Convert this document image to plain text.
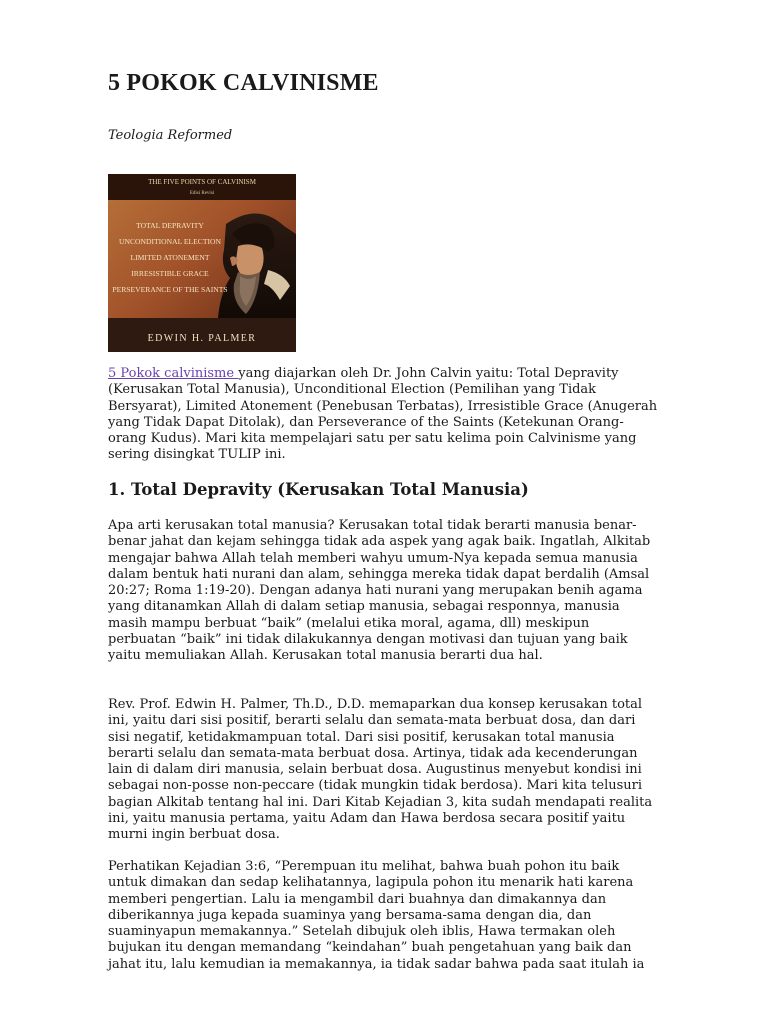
5 POKOK CALVINISME
Teologia Reformed
THE FIVE POINTS OF CALVINISM
Edisi Revisi
TOTAL DEPRAVITY
UNCONDITIONAL ELECTION
LIMITED ATONEMENT
IRRESISTIBLE GRACE
PERSEVERANCE OF THE SAINTS
EDWIN H. PALMER

5 Pokok calvinisme yang diajarkan oleh Dr. John Calvin yaitu: Total Depravity (Kerusakan Total Manusia), Unconditional Election (Pemilihan yang Tidak Bersyarat), Limited Atonement (Penebusan Terbatas), Irresistible Grace (Anugerah yang Tidak Dapat Ditolak), dan Perseverance of the Saints (Ketekunan Orang-orang Kudus). Mari kita mempelajari satu per satu kelima poin Calvinisme yang sering disingkat TULIP ini.

1. Total Depravity (Kerusakan Total Manusia)

Apa arti kerusakan total manusia? Kerusakan total tidak berarti manusia benar-benar jahat dan kejam sehingga tidak ada aspek yang agak baik. Ingatlah, Alkitab mengajar bahwa Allah telah memberi wahyu umum-Nya kepada semua manusia dalam bentuk hati nurani dan alam, sehingga mereka tidak dapat berdalih (Amsal 20:27; Roma 1:19-20). Dengan adanya hati nurani yang merupakan benih agama yang ditanamkan Allah di dalam setiap manusia, sebagai responnya, manusia masih mampu berbuat “baik” (melalui etika moral, agama, dll) meskipun perbuatan “baik” ini tidak dilakukannya dengan motivasi dan tujuan yang baik yaitu memuliakan Allah. Kerusakan total manusia berarti dua hal.

Rev. Prof. Edwin H. Palmer, Th.D., D.D. memaparkan dua konsep kerusakan total ini, yaitu dari sisi positif, berarti selalu dan semata-mata berbuat dosa, dan dari sisi negatif, ketidakmampuan total. Dari sisi positif, kerusakan total manusia berarti selalu dan semata-mata berbuat dosa. Artinya, tidak ada kecenderungan lain di dalam diri manusia, selain berbuat dosa. Augustinus menyebut kondisi ini sebagai non-posse non-peccare (tidak mungkin tidak berdosa). Mari kita telusuri bagian Alkitab tentang hal ini. Dari Kitab Kejadian 3, kita sudah mendapati realita ini, yaitu manusia pertama, yaitu Adam dan Hawa berdosa secara positif yaitu murni ingin berbuat dosa.

Perhatikan Kejadian 3:6, “Perempuan itu melihat, bahwa buah pohon itu baik untuk dimakan dan sedap kelihatannya, lagipula pohon itu menarik hati karena memberi pengertian. Lalu ia mengambil dari buahnya dan dimakannya dan diberikannya juga kepada suaminya yang bersama-sama dengan dia, dan suaminyapun memakannya.” Setelah dibujuk oleh iblis, Hawa termakan oleh bujukan itu dengan memandang “keindahan” buah pengetahuan yang baik dan jahat itu, lalu kemudian ia memakannya, ia tidak sadar bahwa pada saat itulah ia
